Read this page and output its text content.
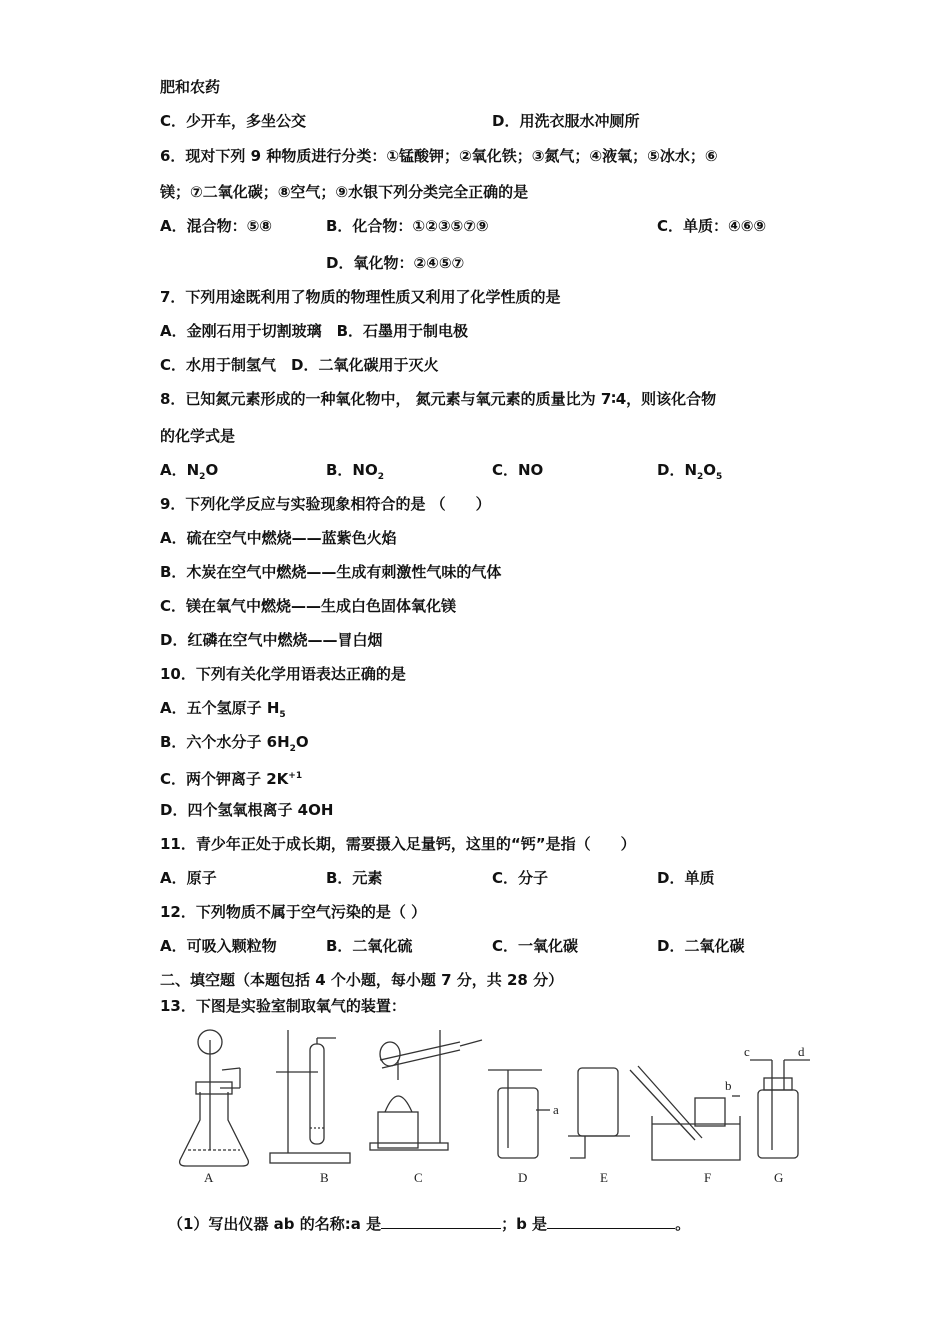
肥和农药
C．少开车，多坐公交	D．用洗衣服水冲厕所
6．现对下列 9 种物质进行分类：①锰酸钾；②氧化铁；③氮气；④液氧；⑤冰水；⑥
镁；⑦二氧化碳；⑧空气；⑨水银下列分类完全正确的是
A．混合物：⑤⑧	B．化合物：①②③⑤⑦⑨	C．单质：④⑥⑨
D．氧化物：②④⑤⑦
7．下列用途既利用了物质的物理性质又利用了化学性质的是
A．金刚石用于切割玻璃　B．石墨用于制电极
C．水用于制氢气　D．二氧化碳用于灭火
8．已知氮元素形成的一种氧化物中， 氮元素与氧元素的质量比为 7∶4，则该化合物
的化学式是
A．$N_2O$	B．$NO_2$	C．NO	D．$N_2O_5$
9．下列化学反应与实验现象相符合的是 （　　）
A．硫在空气中燃烧——蓝紫色火焰
B．木炭在空气中燃烧——生成有刺激性气味的气体
C．镁在氧气中燃烧——生成白色固体氧化镁
D．红磷在空气中燃烧——冒白烟
10．下列有关化学用语表达正确的是
A．五个氢原子 $H_5$
B．六个水分子 $6H_2O$
C．两个钾离子 $2K^{+1}$
D．四个氢氧根离子 4OH
11．青少年正处于成长期，需要摄入足量钙，这里的“钙”是指（　　）
A．原子	B．元素	C．分子	D．单质
12．下列物质不属于空气污染的是（ ）
A．可吸入颗粒物	B．二氧化硫	C．一氧化碳	D．二氧化碳
二、填空题（本题包括 4 个小题，每小题 7 分，共 28 分）
13．下图是实验室制取氧气的装置：
A	B	C	D	E	F	G
a
b
c	d
（1）写出仪器 ab 的名称:a 是	；b 是	。
